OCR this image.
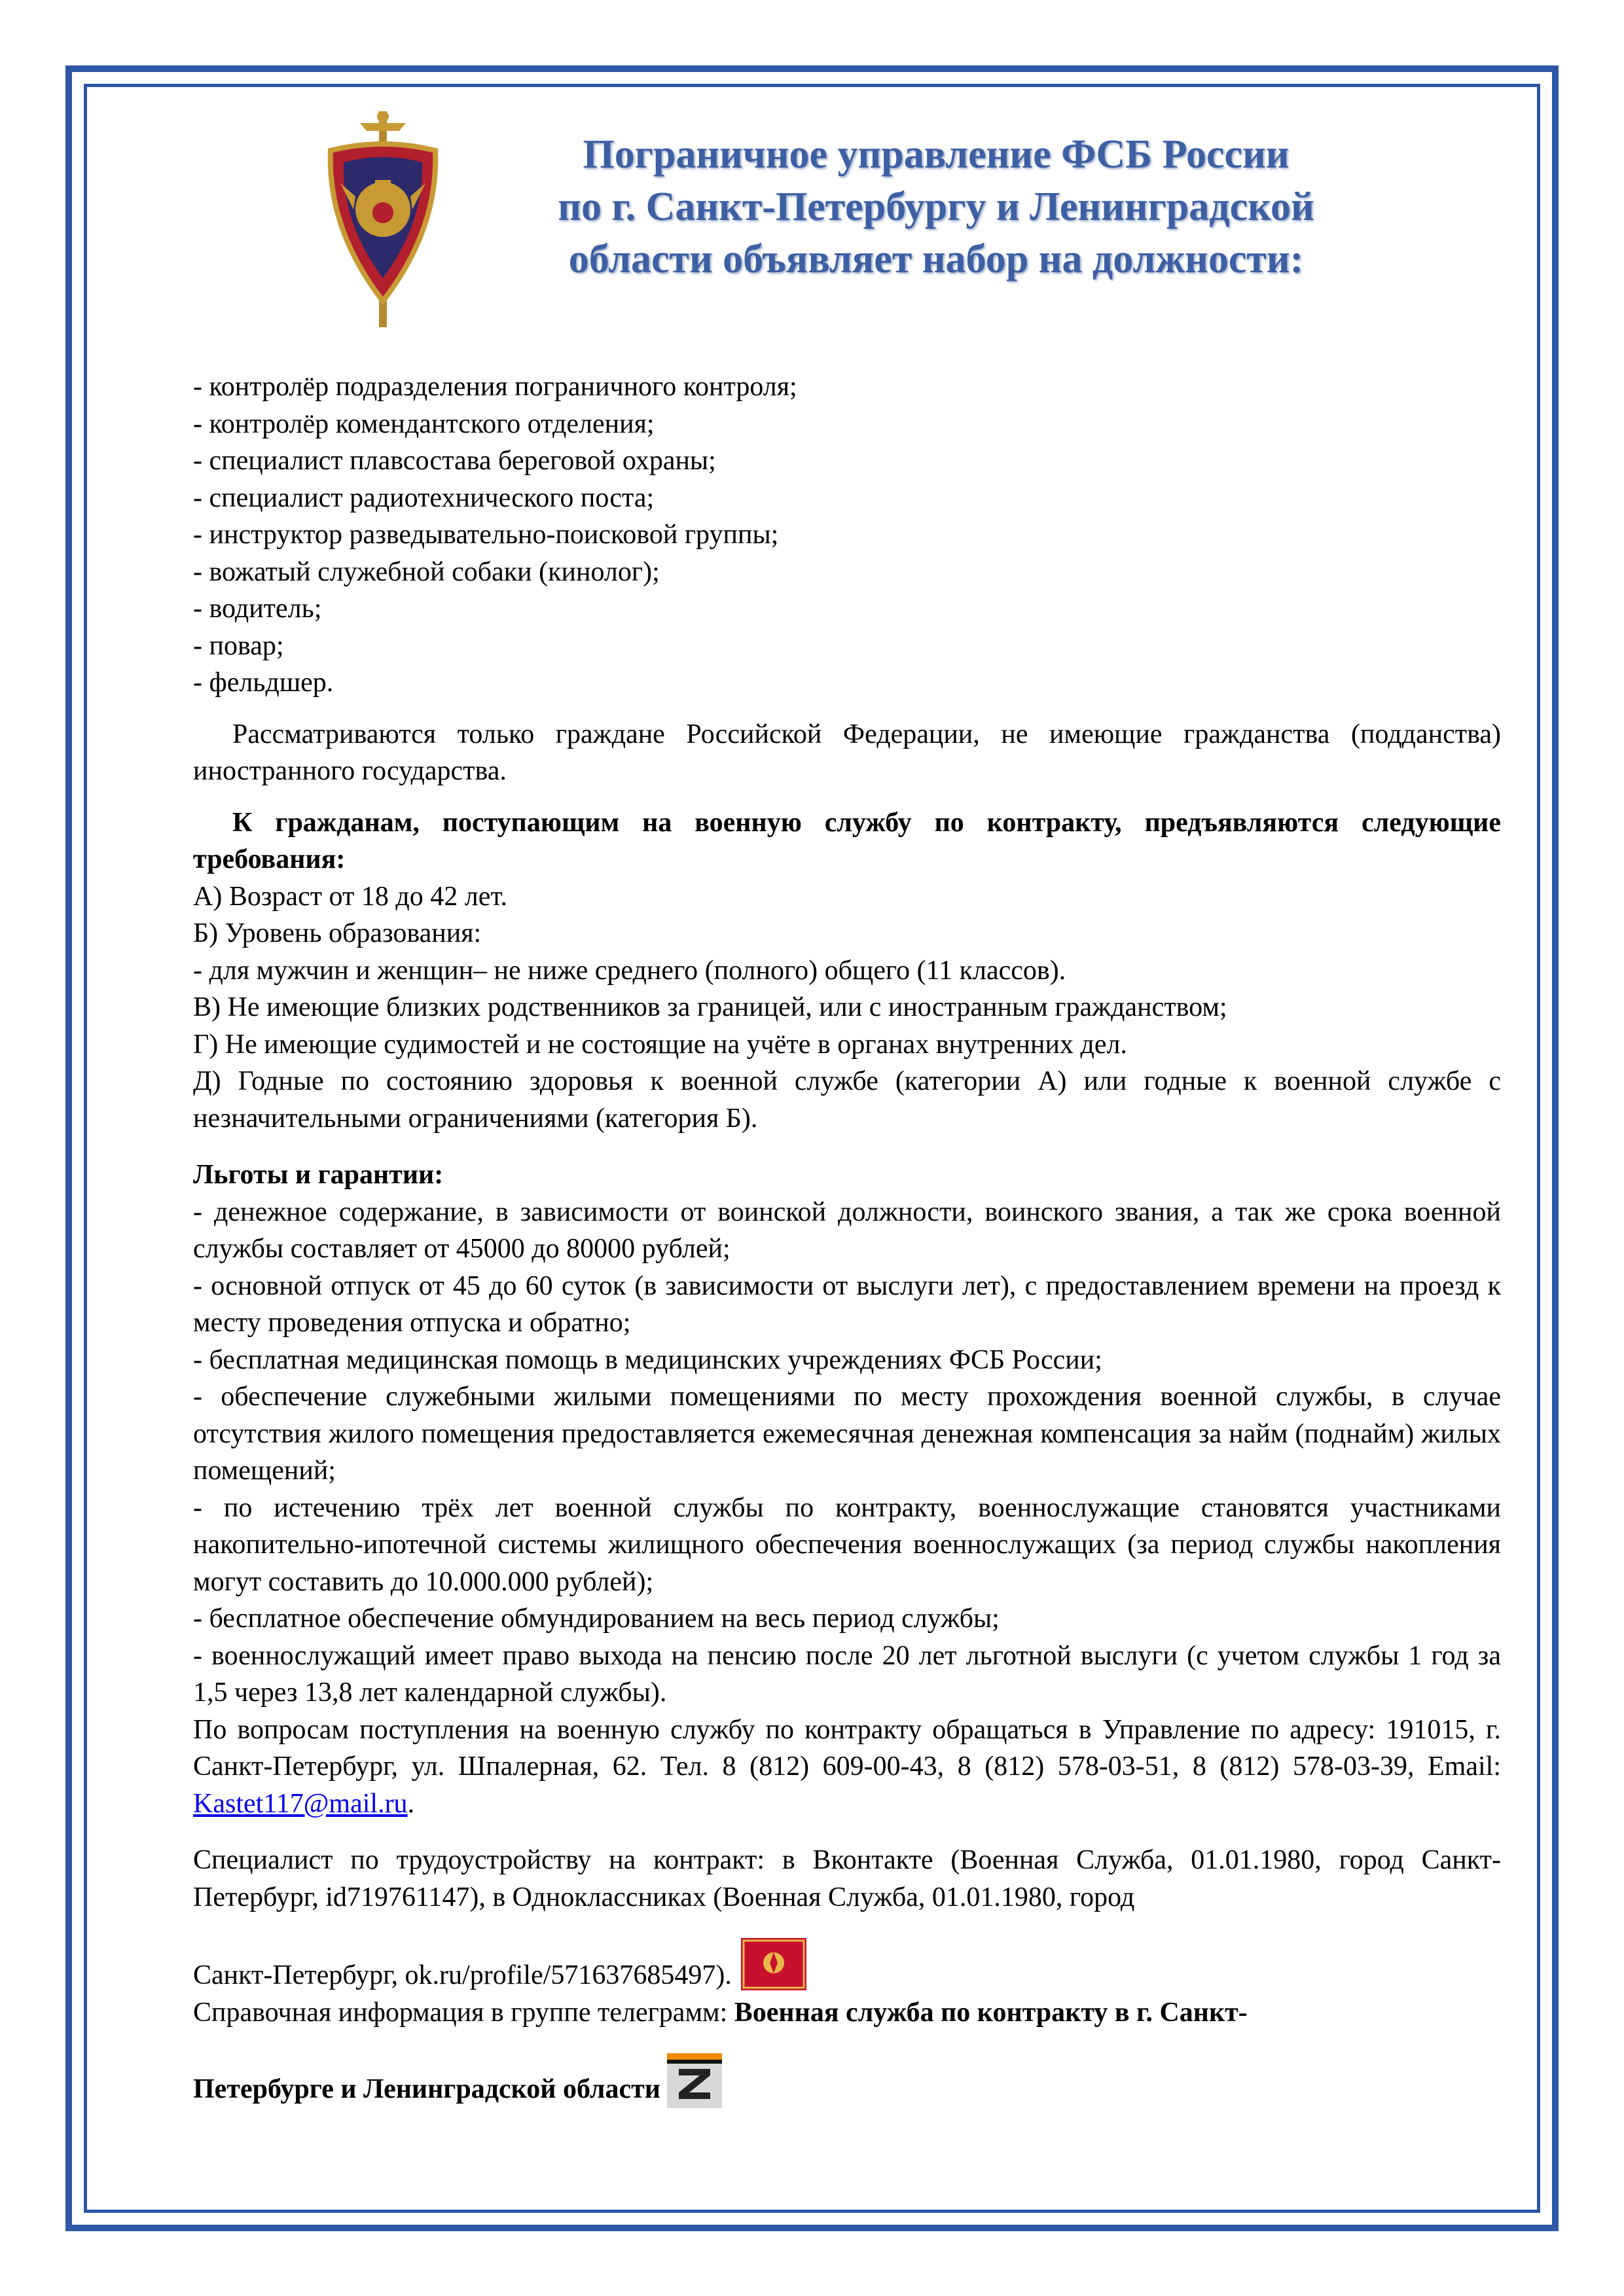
Пограничное управление ФСБ России
по г. Санкт-Петербургу и Ленинградской
области объявляет набор на должности:

- контролёр подразделения пограничного контроля;

- контролёр комендантского отделения;

- специалист плавсостава береговой охраны;

- специалист радиотехнического поста;

- инструктор разведывательно-поисковой группы;

- вожатый служебной собаки (кинолог);

- водитель;

- повар;

- фельдшер.

Рассматриваются только граждане Российской Федерации, не имеющие гражданства (подданства) иностранного государства.

К гражданам, поступающим на военную службу по контракту, предъявляются следующие требования:

А) Возраст от 18 до 42 лет.

Б) Уровень образования:

- для мужчин и женщин– не ниже среднего (полного) общего (11 классов).

В) Не имеющие близких родственников за границей, или с иностранным гражданством;

Г) Не имеющие судимостей и не состоящие на учёте в органах внутренних дел.

Д) Годные по состоянию здоровья к военной службе (категории А) или годные к военной службе с незначительными ограничениями (категория Б).

Льготы и гарантии:

- денежное содержание, в зависимости от воинской должности, воинского звания, а так же срока военной службы составляет от 45000 до 80000 рублей;

- основной отпуск от 45 до 60 суток (в зависимости от выслуги лет), с предоставлением времени на проезд к месту проведения отпуска и обратно;

- бесплатная медицинская помощь в медицинских учреждениях ФСБ России;

- обеспечение служебными жилыми помещениями по месту прохождения военной службы, в случае отсутствия жилого помещения предоставляется ежемесячная денежная компенсация за найм (поднайм) жилых помещений;

- по истечению трёх лет военной службы по контракту, военнослужащие становятся участниками накопительно-ипотечной системы жилищного обеспечения военнослужащих (за период службы накопления могут составить до 10.000.000 рублей);

- бесплатное обеспечение обмундированием на весь период службы;

- военнослужащий имеет право выхода на пенсию после 20 лет льготной выслуги (с учетом службы 1 год за 1,5 через 13,8 лет календарной службы).

По вопросам поступления на военную службу по контракту обращаться в Управление по адресу: 191015, г. Санкт-Петербург, ул. Шпалерная, 62. Тел. 8 (812) 609-00-43, 8 (812) 578-03-51, 8 (812) 578-03-39, Email: Kastet117@mail.ru.

Специалист по трудоустройству на контракт: в Вконтакте (Военная Служба, 01.01.1980, город Санкт-Петербург, id719761147), в Одноклассниках (Военная Служба, 01.01.1980, город

Санкт-Петербург, ok.ru/profile/571637685497).

Справочная информация в группе телеграмм: Военная служба по контракту в г. Санкт-

Петербурге и Ленинградской области
